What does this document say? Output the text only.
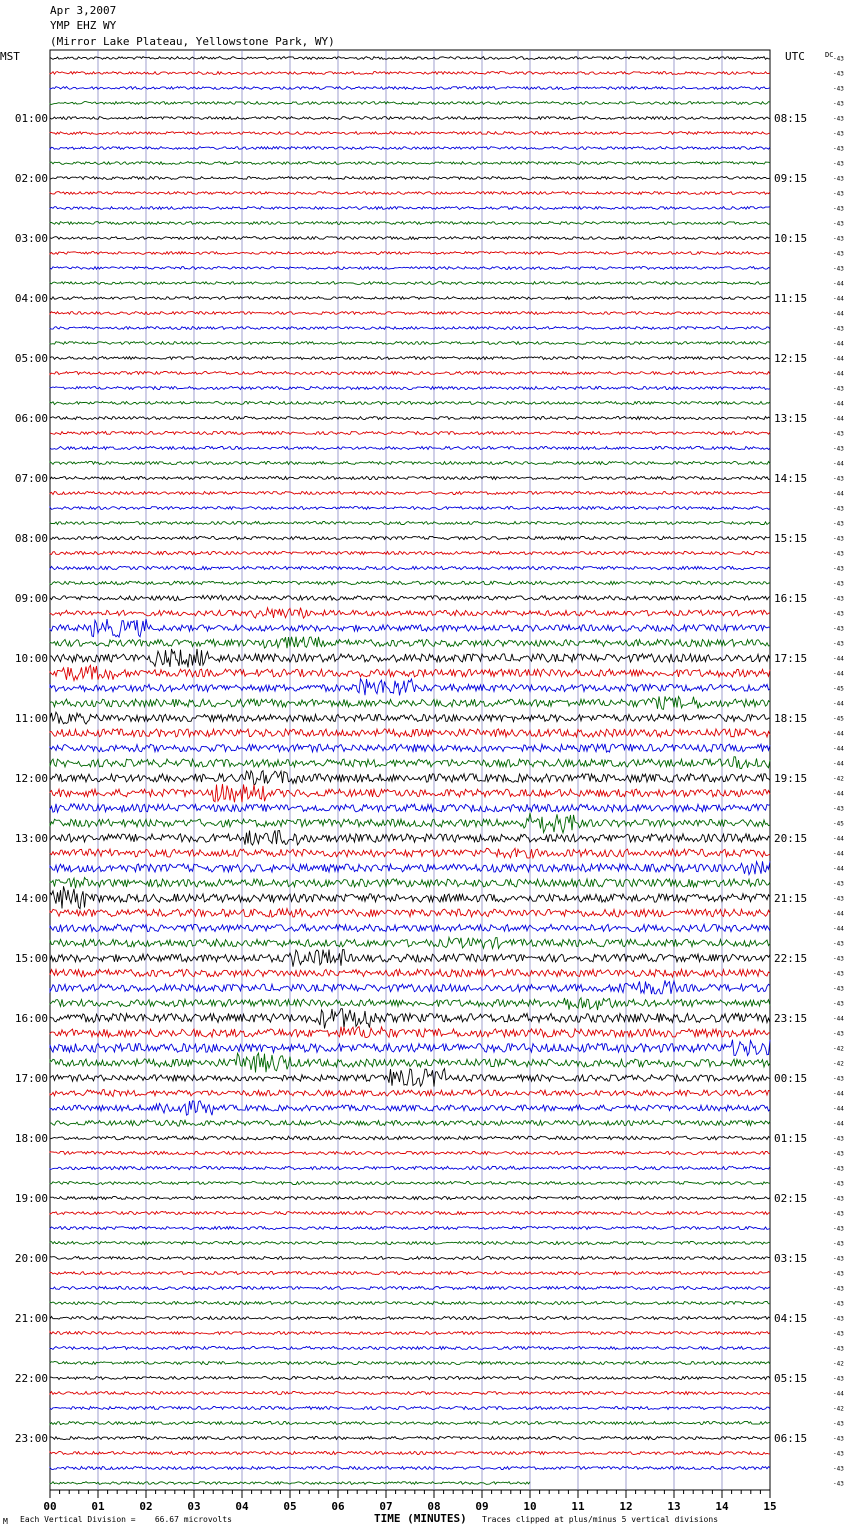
Apr 3,2007
YMP EHZ WY
(Mirror Lake Plateau, Yellowstone Park, WY)
-43
-43
-43
-43
-43
-43
-43
-43
-43
-43
-43
-43
-43
-43
-43
-44
-44
-44
-43
-44
-44
-44
-43
-44
-44
-43
-43
-44
-43
-44
-43
-43
-43
-43
-43
-43
-43
-43
-43
-43
-44
-44
-45
-44
-45
-44
-44
-44
-42
-44
-43
-45
-44
-44
-44
-43
-43
-44
-44
-43
-43
-43
-43
-43
-44
-43
-42
-42
-43
-44
-44
-44
-43
-43
-43
-43
-43
-43
-43
-43
-43
-43
-43
-43
-43
-43
-43
-42
-43
-44
-42
-43
-43
-43
-43
-43
01:00	08:15
02:00	09:15
03:00	10:15
04:00	11:15
05:00	12:15
06:00	13:15
07:00	14:15
08:00	15:15
09:00	16:15
10:00	17:15
11:00	18:15
12:00	19:15
13:00	20:15
14:00	21:15
15:00	22:15
16:00	23:15
17:00	00:15
18:00	01:15
19:00	02:15
20:00	03:15
21:00	04:15
22:00	05:15
23:00	06:15
MST	UTC	DC
00	01	02	03	04	05	06	07	08	09	10	11	12	13	14	15
M Each Vertical Division =    66.67 microvolts	TIME (MINUTES) Traces clipped at plus/minus 5 vertical divisions
